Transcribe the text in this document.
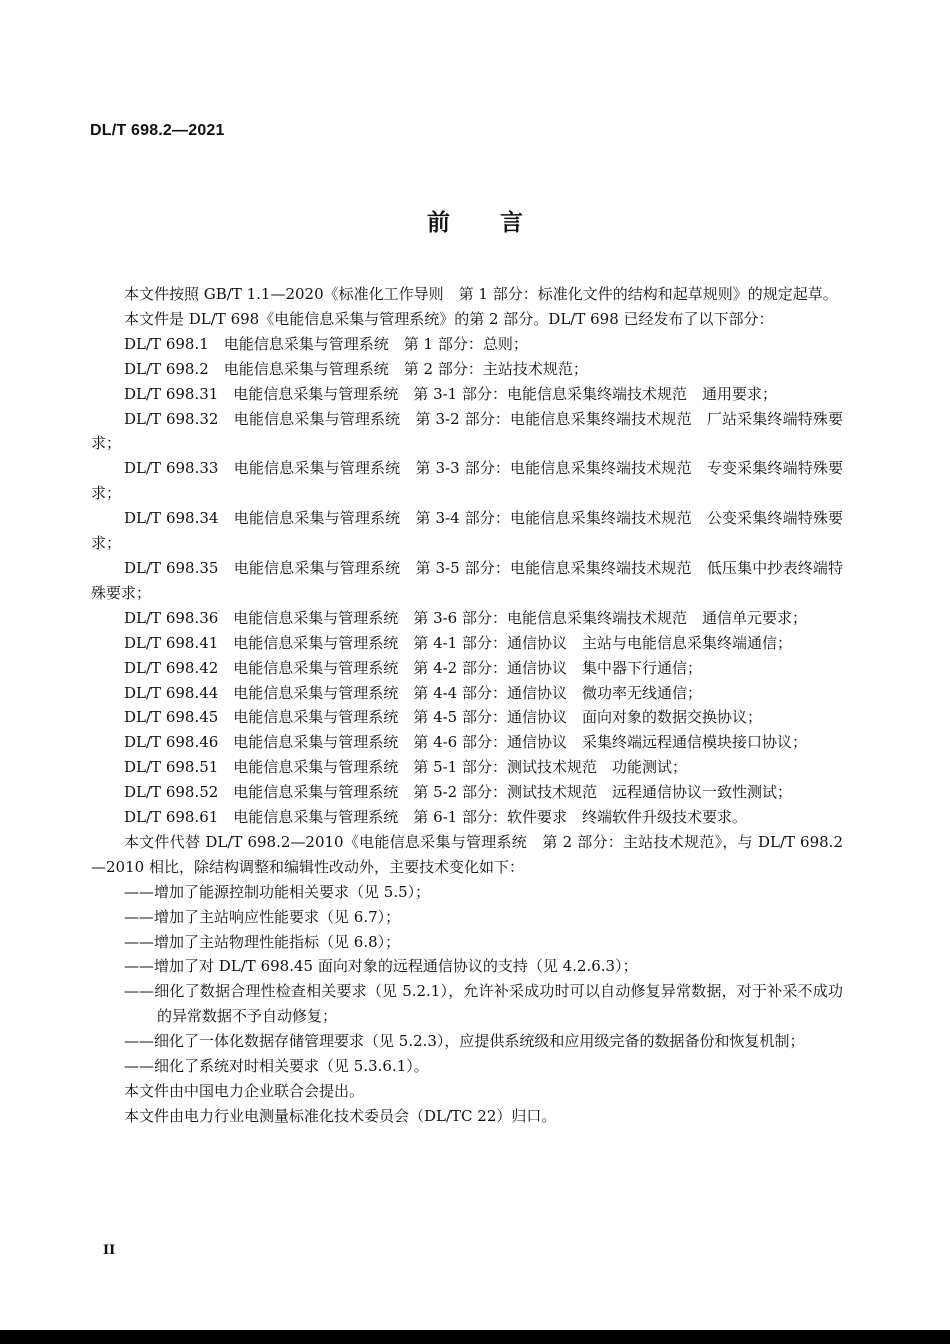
DL/T 698.2—2021
前言

本文件按照 GB/T 1.1—2020《标准化工作导则　第 1 部分：标准化文件的结构和起草规则》的规定起草。

本文件是 DL/T 698《电能信息采集与管理系统》的第 2 部分。DL/T 698 已经发布了以下部分：

DL/T 698.1　电能信息采集与管理系统　第 1 部分：总则；

DL/T 698.2　电能信息采集与管理系统　第 2 部分：主站技术规范；

DL/T 698.31　电能信息采集与管理系统　第 3-1 部分：电能信息采集终端技术规范　通用要求；

DL/T 698.32　电能信息采集与管理系统　第 3-2 部分：电能信息采集终端技术规范　厂站采集终端特殊要求；

DL/T 698.33　电能信息采集与管理系统　第 3-3 部分：电能信息采集终端技术规范　专变采集终端特殊要求；

DL/T 698.34　电能信息采集与管理系统　第 3-4 部分：电能信息采集终端技术规范　公变采集终端特殊要求；

DL/T 698.35　电能信息采集与管理系统　第 3-5 部分：电能信息采集终端技术规范　低压集中抄表终端特殊要求；

DL/T 698.36　电能信息采集与管理系统　第 3-6 部分：电能信息采集终端技术规范　通信单元要求；

DL/T 698.41　电能信息采集与管理系统　第 4-1 部分：通信协议　主站与电能信息采集终端通信；

DL/T 698.42　电能信息采集与管理系统　第 4-2 部分：通信协议　集中器下行通信；

DL/T 698.44　电能信息采集与管理系统　第 4-4 部分：通信协议　微功率无线通信；

DL/T 698.45　电能信息采集与管理系统　第 4-5 部分：通信协议　面向对象的数据交换协议；

DL/T 698.46　电能信息采集与管理系统　第 4-6 部分：通信协议　采集终端远程通信模块接口协议；

DL/T 698.51　电能信息采集与管理系统　第 5-1 部分：测试技术规范　功能测试；

DL/T 698.52　电能信息采集与管理系统　第 5-2 部分：测试技术规范　远程通信协议一致性测试；

DL/T 698.61　电能信息采集与管理系统　第 6-1 部分：软件要求　终端软件升级技术要求。

本文件代替 DL/T 698.2—2010《电能信息采集与管理系统　第 2 部分：主站技术规范》，与 DL/T 698.2—2010 相比，除结构调整和编辑性改动外，主要技术变化如下：

——增加了能源控制功能相关要求（见 5.5）；

——增加了主站响应性能要求（见 6.7）；

——增加了主站物理性能指标（见 6.8）；

——增加了对 DL/T 698.45 面向对象的远程通信协议的支持（见 4.2.6.3）；

——细化了数据合理性检查相关要求（见 5.2.1），允许补采成功时可以自动修复异常数据，对于补采不成功的异常数据不予自动修复；

——细化了一体化数据存储管理要求（见 5.2.3），应提供系统级和应用级完备的数据备份和恢复机制；

——细化了系统对时相关要求（见 5.3.6.1）。

本文件由中国电力企业联合会提出。

本文件由电力行业电测量标准化技术委员会（DL/TC 22）归口。

II
